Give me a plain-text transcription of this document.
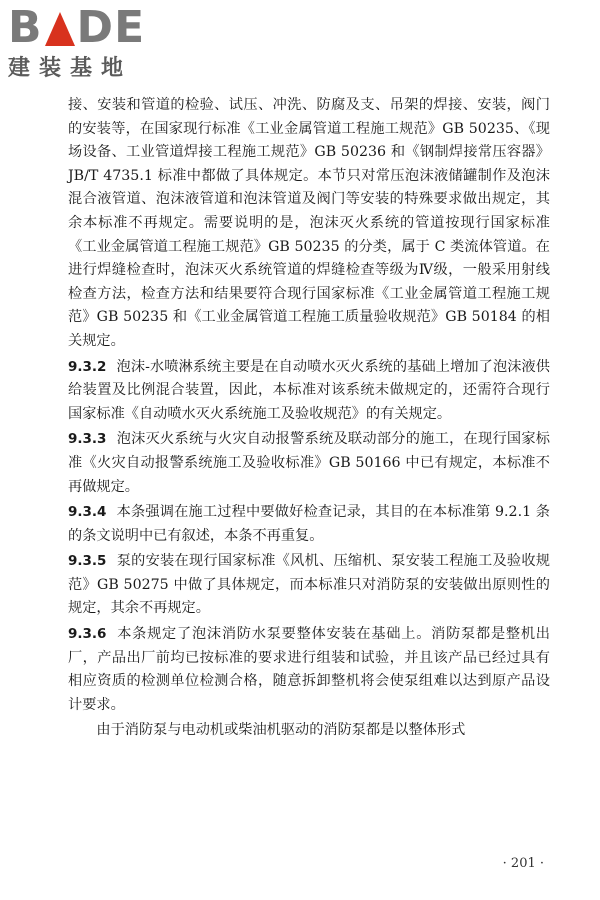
B DE
建装基地

接、安装和管道的检验、试压、冲洗、防腐及支、吊架的焊接、安装，阀门的安装等，在国家现行标准《工业金属管道工程施工规范》GB 50235、《现场设备、工业管道焊接工程施工规范》GB 50236 和《钢制焊接常压容器》JB/T 4735.1 标准中都做了具体规定。本节只对常压泡沫液储罐制作及泡沫混合液管道、泡沫液管道和泡沫管道及阀门等安装的特殊要求做出规定，其余本标准不再规定。需要说明的是，泡沫灭火系统的管道按现行国家标准《工业金属管道工程施工规范》GB 50235 的分类，属于 C 类流体管道。在进行焊缝检查时，泡沫灭火系统管道的焊缝检查等级为Ⅳ级，一般采用射线检查方法，检查方法和结果要符合现行国家标准《工业金属管道工程施工规范》GB 50235 和《工业金属管道工程施工质量验收规范》GB 50184 的相关规定。

9.3.2 泡沫-水喷淋系统主要是在自动喷水灭火系统的基础上增加了泡沫液供给装置及比例混合装置，因此，本标准对该系统未做规定的，还需符合现行国家标准《自动喷水灭火系统施工及验收规范》的有关规定。

9.3.3 泡沫灭火系统与火灾自动报警系统及联动部分的施工，在现行国家标准《火灾自动报警系统施工及验收标准》GB 50166 中已有规定，本标准不再做规定。

9.3.4 本条强调在施工过程中要做好检查记录，其目的在本标准第 9.2.1 条的条文说明中已有叙述，本条不再重复。

9.3.5 泵的安装在现行国家标准《风机、压缩机、泵安装工程施工及验收规范》GB 50275 中做了具体规定，而本标准只对消防泵的安装做出原则性的规定，其余不再规定。

9.3.6 本条规定了泡沫消防水泵要整体安装在基础上。消防泵都是整机出厂，产品出厂前均已按标准的要求进行组装和试验，并且该产品已经过具有相应资质的检测单位检测合格，随意拆卸整机将会使泵组难以达到原产品设计要求。

由于消防泵与电动机或柴油机驱动的消防泵都是以整体形式

· 201 ·
